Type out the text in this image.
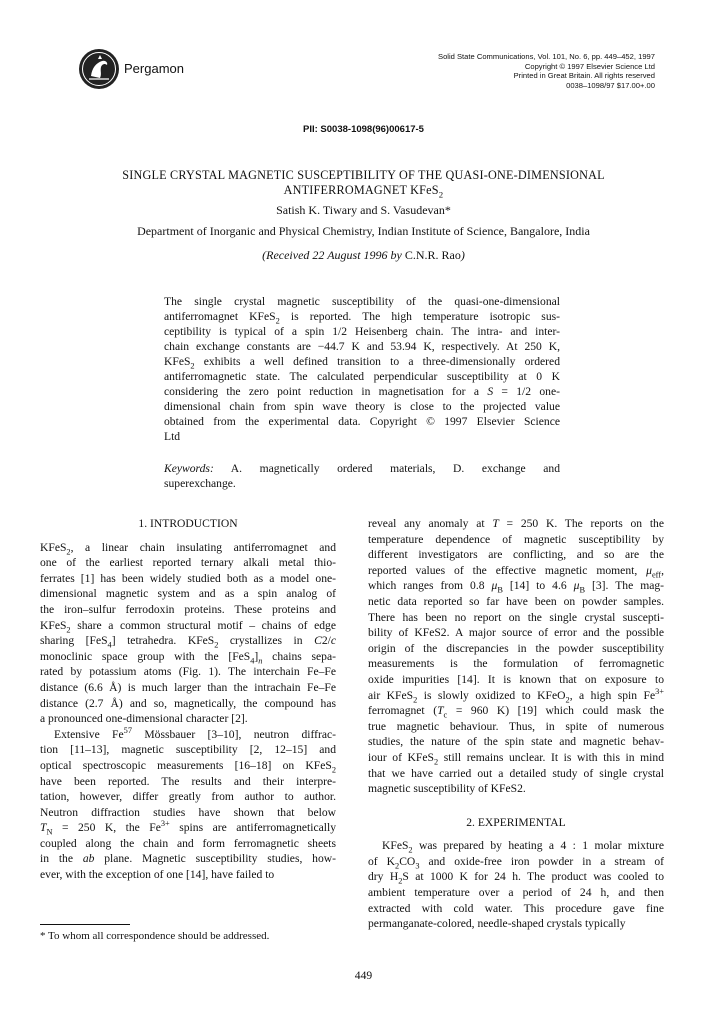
Pergamon
Solid State Communications, Vol. 101, No. 6, pp. 449–452, 1997
Copyright © 1997 Elsevier Science Ltd
Printed in Great Britain. All rights reserved
0038–1098/97 $17.00+.00
PII: S0038-1098(96)00617-5
SINGLE CRYSTAL MAGNETIC SUSCEPTIBILITY OF THE QUASI-ONE-DIMENSIONAL
ANTIFERROMAGNET KFeS$_2$
Satish K. Tiwary and S. Vasudevan*
Department of Inorganic and Physical Chemistry, Indian Institute of Science, Bangalore, India
(Received 22 August 1996 by C.N.R. Rao)
The single crystal magnetic susceptibility of the quasi-one-dimensional
antiferromagnet KFeS$_2$ is reported. The high temperature isotropic sus-
ceptibility is typical of a spin 1/2 Heisenberg chain. The intra- and inter-
chain exchange constants are −44.7 K and 53.94 K, respectively. At 250 K,
KFeS$_2$ exhibits a well defined transition to a three-dimensionally ordered
antiferromagnetic state. The calculated perpendicular susceptibility at 0 K
considering the zero point reduction in magnetisation for a S = 1/2 one-
dimensional chain from spin wave theory is close to the projected value
obtained from the experimental data. Copyright © 1997 Elsevier Science
Ltd
Keywords: A. magnetically ordered materials, D. exchange and
superexchange.
1. INTRODUCTION
KFeS$_2$, a linear chain insulating antiferromagnet and
one of the earliest reported ternary alkali metal thio-
ferrates [1] has been widely studied both as a model one-
dimensional magnetic system and as a spin analog of
the iron–sulfur ferrodoxin proteins. These proteins and
KFeS$_2$ share a common structural motif – chains of edge
sharing [FeS$_4$] tetrahedra. KFeS$_2$ crystallizes in C2/c
monoclinic space group with the $[FeS_4]_n$ chains sepa-
rated by potassium atoms (Fig. 1). The interchain Fe–Fe
distance (6.6 Å) is much larger than the intrachain Fe–Fe
distance (2.7 Å) and so, magnetically, the compound has
a pronounced one-dimensional character [2].
Extensive Fe$^{57}$ Mössbauer [3–10], neutron diffrac-
tion [11–13], magnetic susceptibility [2, 12–15] and
optical spectroscopic measurements [16–18] on KFeS$_2$
have been reported. The results and their interpre-
tation, however, differ greatly from author to author.
Neutron diffraction studies have shown that below
$T_N = 250$ K, the $Fe^{3+}$ spins are antiferromagnetically
coupled along the chain and form ferromagnetic sheets
in the ab plane. Magnetic susceptibility studies, how-
ever, with the exception of one [14], have failed to
reveal any anomaly at T = 250 K. The reports on the
temperature dependence of magnetic susceptibility by
different investigators are conflicting, and so are the
reported values of the effective magnetic moment, $\mu_{eff}$,
which ranges from 0.8 $\mu_B$ [14] to 4.6 $\mu_B$ [3]. The mag-
netic data reported so far have been on powder samples.
There has been no report on the single crystal suscepti-
bility of KFeS2. A major source of error and the possible
origin of the discrepancies in the powder susceptibility
measurements is the formulation of ferromagnetic
oxide impurities [14]. It is known that on exposure to
air KFeS$_2$ is slowly oxidized to KFeO$_2$, a high spin $Fe^{3+}$
ferromagnet ($T_c = 960$ K) [19] which could mask the
true magnetic behaviour. Thus, in spite of numerous
studies, the nature of the spin state and magnetic behav-
iour of KFeS$_2$ still remains unclear. It is with this in mind
that we have carried out a detailed study of single crystal
magnetic susceptibility of KFeS2.
2. EXPERIMENTAL
KFeS$_2$ was prepared by heating a 4 : 1 molar mixture
of $K_2CO_3$ and oxide-free iron powder in a stream of
dry $H_2S$ at 1000 K for 24 h. The product was cooled to
ambient temperature over a period of 24 h, and then
extracted with cold water. This procedure gave fine
permanganate-colored, needle-shaped crystals typically
* To whom all correspondence should be addressed.
449
